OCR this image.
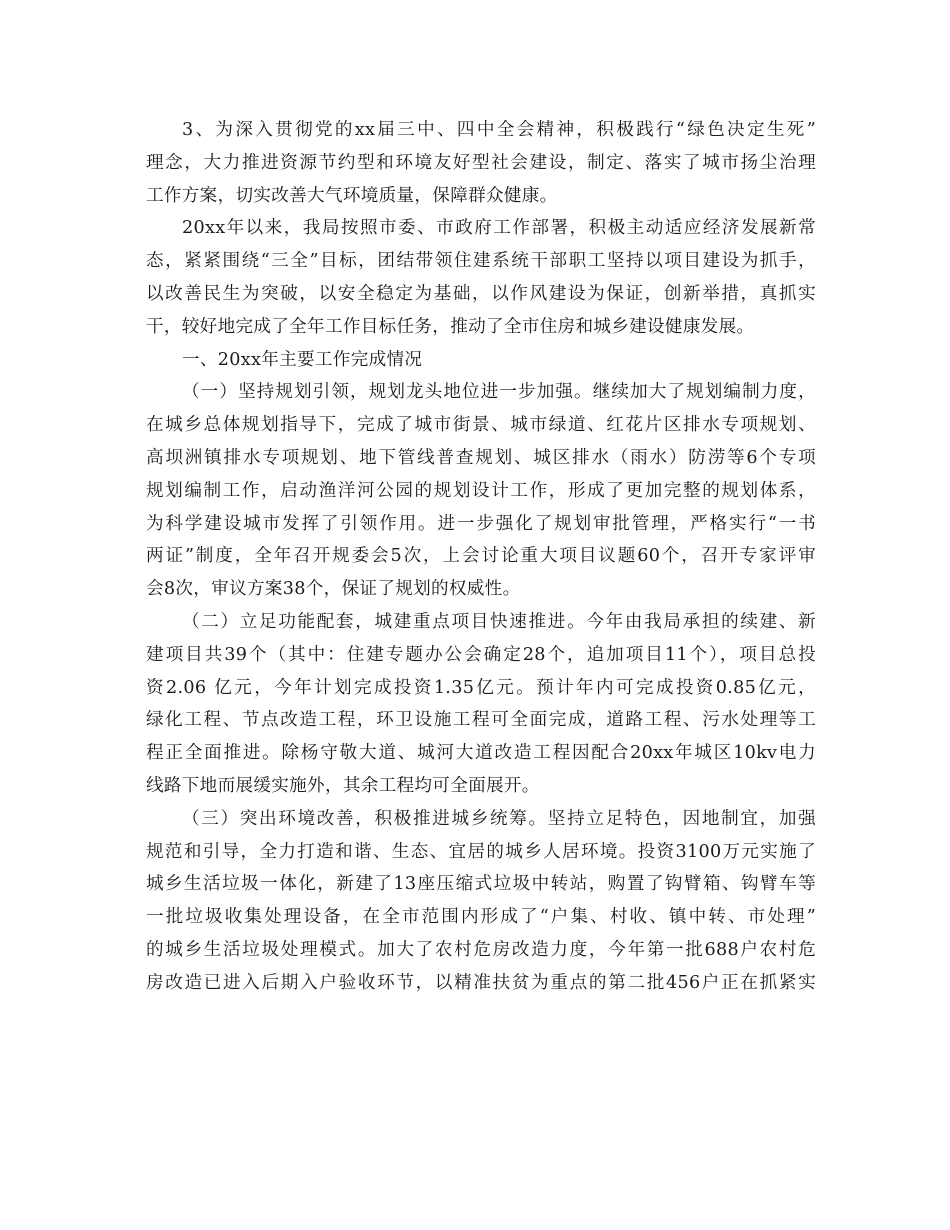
3、为深入贯彻党的xx届三中、四中全会精神，积极践行“绿色决定生死”
理念，大力推进资源节约型和环境友好型社会建设，制定、落实了城市扬尘治理
工作方案，切实改善大气环境质量，保障群众健康。
20xx年以来，我局按照市委、市政府工作部署，积极主动适应经济发展新常
态，紧紧围绕“三全”目标，团结带领住建系统干部职工坚持以项目建设为抓手，
以改善民生为突破，以安全稳定为基础，以作风建设为保证，创新举措，真抓实
干，较好地完成了全年工作目标任务，推动了全市住房和城乡建设健康发展。
一、20xx年主要工作完成情况
（一）坚持规划引领，规划龙头地位进一步加强。继续加大了规划编制力度，
在城乡总体规划指导下，完成了城市街景、城市绿道、红花片区排水专项规划、
高坝洲镇排水专项规划、地下管线普查规划、城区排水（雨水）防涝等6个专项
规划编制工作，启动渔洋河公园的规划设计工作，形成了更加完整的规划体系，
为科学建设城市发挥了引领作用。进一步强化了规划审批管理，严格实行“一书
两证”制度，全年召开规委会5次，上会讨论重大项目议题60个，召开专家评审
会8次，审议方案38个，保证了规划的权威性。
（二）立足功能配套，城建重点项目快速推进。今年由我局承担的续建、新
建项目共39个（其中：住建专题办公会确定28个，追加项目11个），项目总投
资2.06 亿元，今年计划完成投资1.35亿元。预计年内可完成投资0.85亿元，
绿化工程、节点改造工程，环卫设施工程可全面完成，道路工程、污水处理等工
程正全面推进。除杨守敬大道、城河大道改造工程因配合20xx年城区10kv电力
线路下地而展缓实施外，其余工程均可全面展开。
（三）突出环境改善，积极推进城乡统筹。坚持立足特色，因地制宜，加强
规范和引导，全力打造和谐、生态、宜居的城乡人居环境。投资3100万元实施了
城乡生活垃圾一体化，新建了13座压缩式垃圾中转站，购置了钩臂箱、钩臂车等
一批垃圾收集处理设备，在全市范围内形成了“户集、村收、镇中转、市处理”
的城乡生活垃圾处理模式。加大了农村危房改造力度，今年第一批688户农村危
房改造已进入后期入户验收环节，以精准扶贫为重点的第二批456户正在抓紧实
